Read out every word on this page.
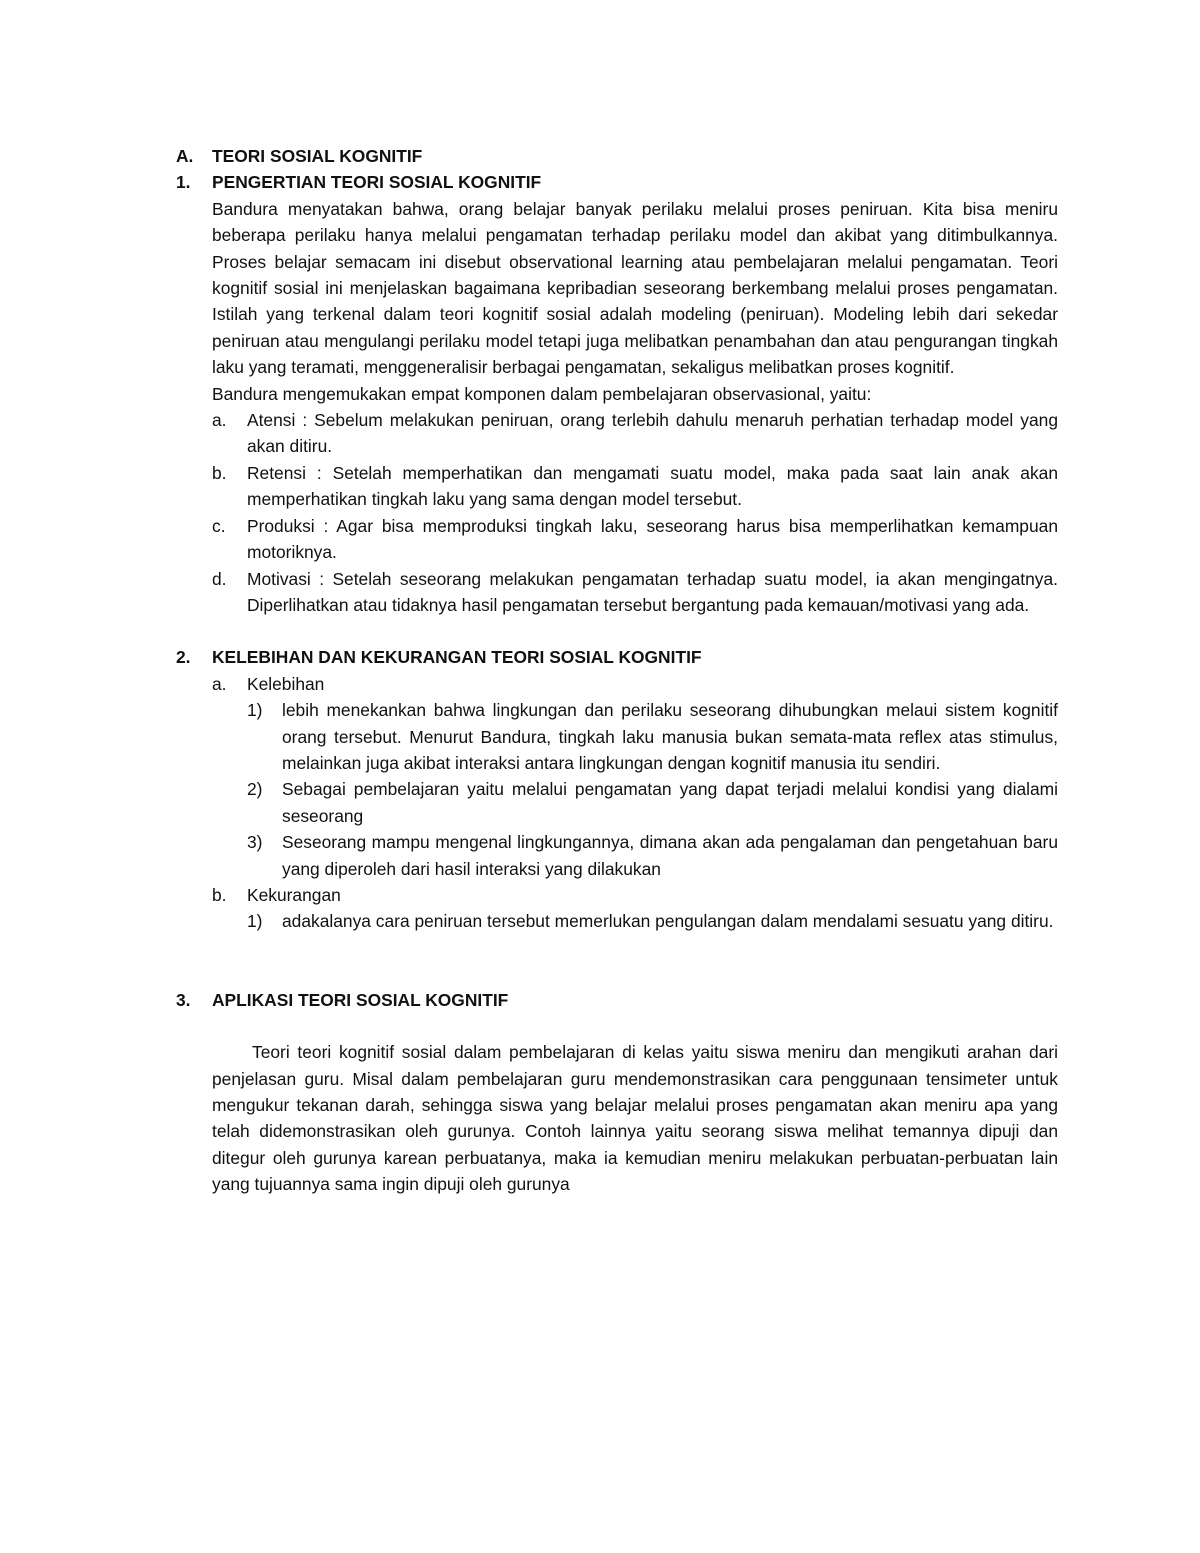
A.	TEORI SOSIAL KOGNITIF
1.	PENGERTIAN TEORI SOSIAL KOGNITIF
Bandura menyatakan bahwa, orang belajar banyak perilaku melalui proses peniruan. Kita bisa meniru beberapa perilaku hanya melalui pengamatan terhadap perilaku model dan akibat yang ditimbulkannya. Proses belajar semacam ini disebut observational learning atau pembelajaran melalui pengamatan. Teori kognitif sosial ini menjelaskan bagaimana kepribadian seseorang berkembang melalui proses pengamatan. Istilah yang terkenal dalam teori kognitif sosial adalah modeling (peniruan). Modeling lebih dari sekedar peniruan atau mengulangi perilaku model tetapi juga melibatkan penambahan dan atau pengurangan tingkah laku yang teramati, menggeneralisir berbagai pengamatan, sekaligus melibatkan proses kognitif.
Bandura mengemukakan empat komponen dalam pembelajaran observasional, yaitu:
a. Atensi : Sebelum melakukan peniruan, orang terlebih dahulu menaruh perhatian terhadap model yang akan ditiru.
b. Retensi : Setelah memperhatikan dan mengamati suatu model, maka pada saat lain anak akan memperhatikan tingkah laku yang sama dengan model tersebut.
c. Produksi : Agar bisa memproduksi tingkah laku, seseorang harus bisa memperlihatkan kemampuan motoriknya.
d. Motivasi : Setelah seseorang melakukan pengamatan terhadap suatu model, ia akan mengingatnya. Diperlihatkan atau tidaknya hasil pengamatan tersebut bergantung pada kemauan/motivasi yang ada.
2.	KELEBIHAN DAN KEKURANGAN TEORI SOSIAL KOGNITIF
a. Kelebihan
1) lebih menekankan bahwa lingkungan dan perilaku seseorang dihubungkan melaui sistem kognitif orang tersebut. Menurut Bandura, tingkah laku manusia bukan semata-mata reflex atas stimulus, melainkan juga akibat interaksi antara lingkungan dengan kognitif manusia itu sendiri.
2) Sebagai pembelajaran yaitu melalui pengamatan yang dapat terjadi melalui kondisi yang dialami seseorang
3) Seseorang mampu mengenal lingkungannya, dimana akan ada pengalaman dan pengetahuan baru yang diperoleh dari hasil interaksi yang dilakukan
b. Kekurangan
1) adakalanya cara peniruan tersebut memerlukan pengulangan dalam mendalami sesuatu yang ditiru.
3.	APLIKASI TEORI SOSIAL KOGNITIF
Teori teori kognitif sosial dalam pembelajaran di kelas yaitu siswa meniru dan mengikuti arahan dari penjelasan guru. Misal dalam pembelajaran guru mendemonstrasikan cara penggunaan tensimeter untuk mengukur tekanan darah, sehingga siswa yang belajar melalui proses pengamatan akan meniru apa yang telah didemonstrasikan oleh gurunya. Contoh lainnya yaitu seorang siswa melihat temannya dipuji dan ditegur oleh gurunya karean perbuatanya, maka ia kemudian meniru melakukan perbuatan-perbuatan lain yang tujuannya sama ingin dipuji oleh gurunya
